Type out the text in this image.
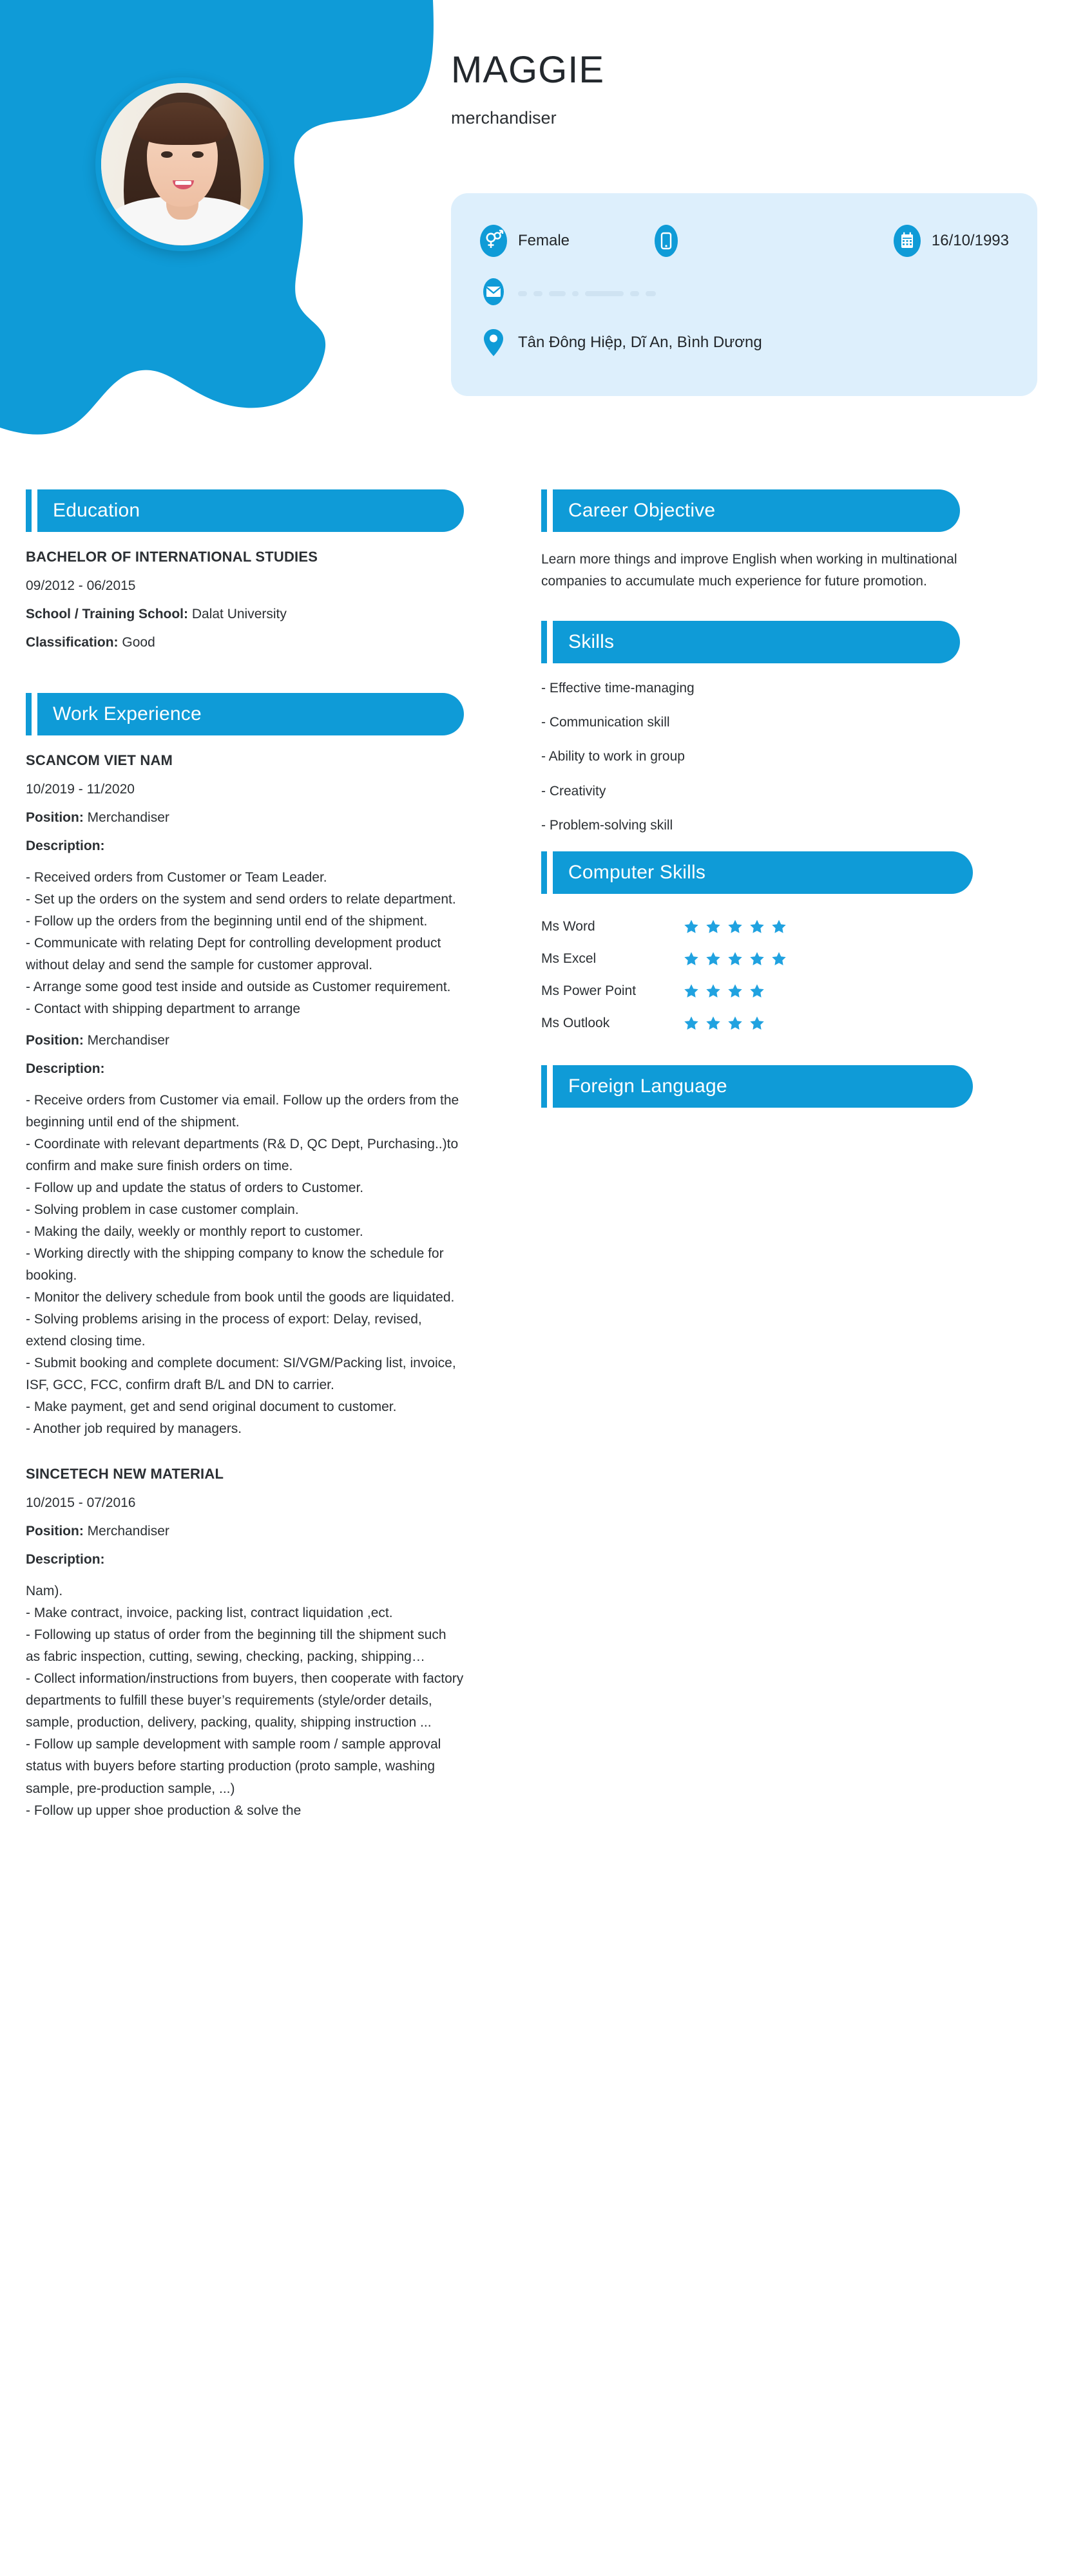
MAGGIE
merchandiser
Female	16/10/1993
Tân Đông Hiệp, Dĩ An, Bình Dương
Education
BACHELOR OF INTERNATIONAL STUDIES
09/2012 - 06/2015
School / Training School: Dalat University
Classification: Good
Work Experience
SCANCOM VIET NAM
10/2019 - 11/2020
Position: Merchandiser
Description:

- Received orders from Customer or Team Leader.

- Set up the orders on the system and send orders to relate department.

- Follow up the orders from the beginning until end of the shipment.

- Communicate with relating Dept for controlling development product without delay and send the sample for customer approval.

- Arrange some good test inside and outside as Customer requirement.

- Contact with shipping department to arrange

Position: Merchandiser
Description:

- Receive orders from Customer via email. Follow up the orders from the beginning until end of the shipment.

- Coordinate with relevant departments (R& D, QC Dept, Purchasing..)to confirm and make sure finish orders on time.

- Follow up and update the status of orders to Customer.

- Solving problem in case customer complain.

- Making the daily, weekly or monthly report to customer.

- Working directly with the shipping company to know the schedule for booking.

- Monitor the delivery schedule from book until the goods are liquidated.

- Solving problems arising in the process of export: Delay, revised, extend closing time.

- Submit booking and complete document: SI/VGM/Packing list, invoice, ISF, GCC, FCC, confirm draft B/L and DN to carrier.

- Make payment, get and send original document to customer.

- Another job required by managers.

SINCETECH NEW MATERIAL
10/2015 - 07/2016
Position: Merchandiser
Description:

Nam).

- Make contract, invoice, packing list, contract liquidation ,ect.

- Following up status of order from the beginning till the shipment such as fabric inspection, cutting, sewing, checking, packing, shipping…

- Collect information/instructions from buyers, then cooperate with factory departments to fulfill these buyer’s requirements (style/order details, sample, production, delivery, packing, quality, shipping instruction ...

- Follow up sample development with sample room / sample approval status with buyers before starting production (proto sample, washing sample, pre-production sample, ...)

- Follow up upper shoe production & solve the

Career Objective
Learn more things and improve English when working in multinational companies to accumulate much experience for future promotion.
Skills

- Effective time-managing

- Communication skill

- Ability to work in group

- Creativity

- Problem-solving skill

Computer Skills
Ms Word
Ms Excel
Ms Power Point
Ms Outlook
Foreign Language
